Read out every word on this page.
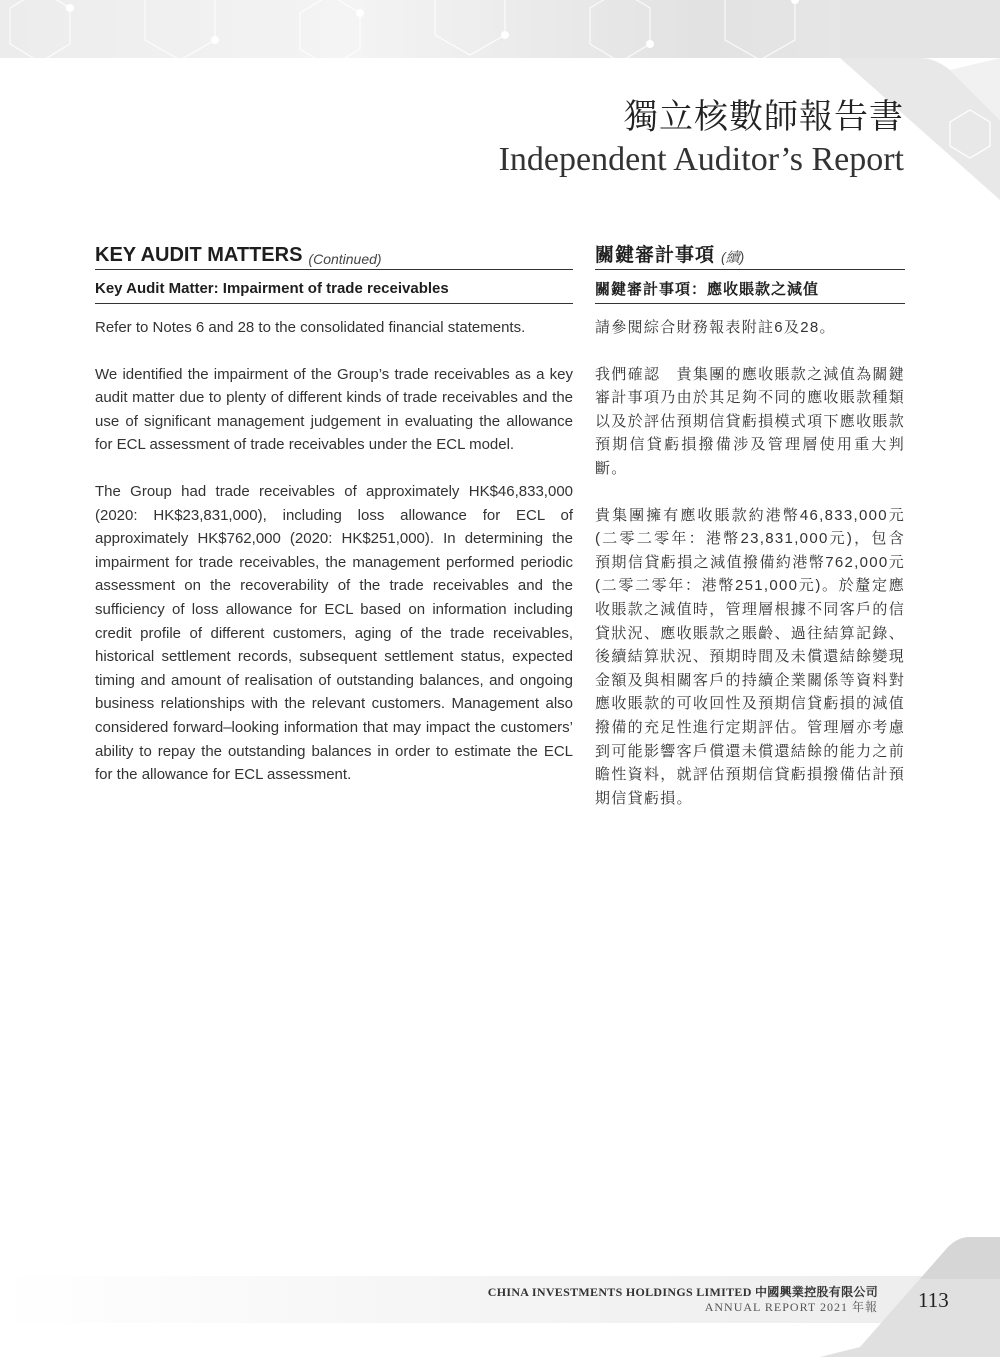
獨立核數師報告書
Independent Auditor’s Report
KEY AUDIT MATTERS (Continued)
Key Audit Matter: Impairment of trade receivables

Refer to Notes 6 and 28 to the consolidated financial statements.

We identified the impairment of the Group’s trade receivables as a key audit matter due to plenty of different kinds of trade receivables and the use of significant management judgement in evaluating the allowance for ECL assessment of trade receivables under the ECL model.

The Group had trade receivables of approximately HK$46,833,000 (2020: HK$23,831,000), including loss allowance for ECL of approximately HK$762,000 (2020: HK$251,000). In determining the impairment for trade receivables, the management performed periodic assessment on the recoverability of the trade receivables and the sufficiency of loss allowance for ECL based on information including credit profile of different customers, aging of the trade receivables, historical settlement records, subsequent settlement status, expected timing and amount of realisation of outstanding balances, and ongoing business relationships with the relevant customers. Management also considered forward–looking information that may impact the customers’ ability to repay the outstanding balances in order to estimate the ECL for the allowance for ECL assessment.

關鍵審計事項 (續)
關鍵審計事項：應收賬款之減值

請參閱綜合財務報表附註6及28。

我們確認　貴集團的應收賬款之減值為關鍵審計事項乃由於其足夠不同的應收賬款種類以及於評估預期信貸虧損模式項下應收賬款預期信貸虧損撥備涉及管理層使用重大判斷。

貴集團擁有應收賬款約港幣46,833,000元(二零二零年：港幣23,831,000元)，包含預期信貸虧損之減值撥備約港幣762,000元 (二零二零年：港幣251,000元)。於釐定應收賬款之減值時，管理層根據不同客戶的信貸狀況、應收賬款之賬齡、過往結算記錄、後續結算狀況、預期時間及未償還結餘變現金額及與相關客戶的持續企業關係等資料對應收賬款的可收回性及預期信貸虧損的減值撥備的充足性進行定期評估。管理層亦考慮到可能影響客戶償還未償還結餘的能力之前瞻性資料，就評估預期信貸虧損撥備估計預期信貸虧損。

CHINA INVESTMENTS HOLDINGS LIMITED 中國興業控股有限公司
ANNUAL REPORT 2021 年報 113
